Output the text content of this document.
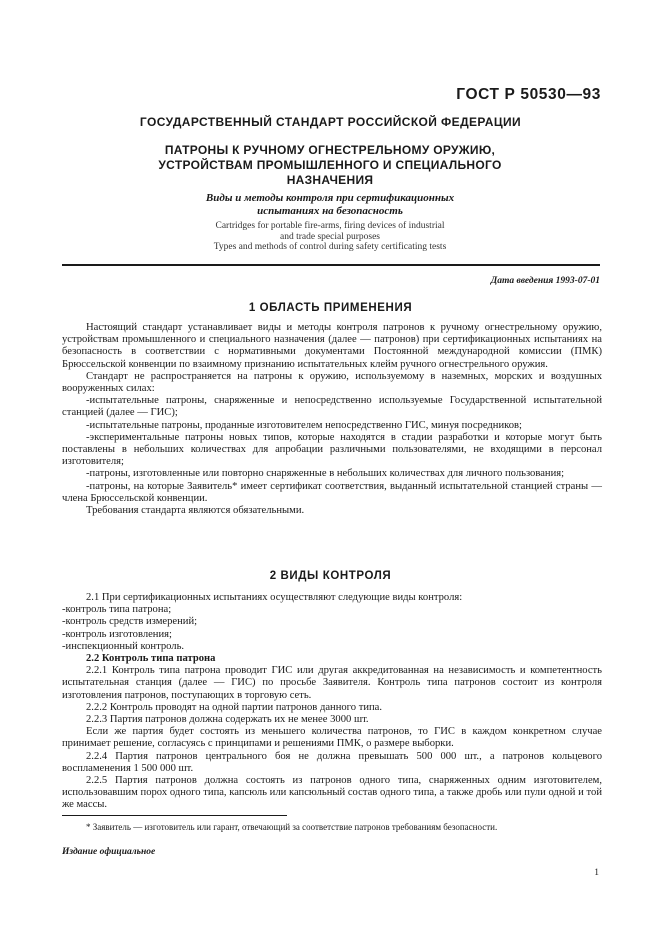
ГОСТ Р 50530—93
ГОСУДАРСТВЕННЫЙ СТАНДАРТ РОССИЙСКОЙ ФЕДЕРАЦИИ
ПАТРОНЫ К РУЧНОМУ ОГНЕСТРЕЛЬНОМУ ОРУЖИЮ,
УСТРОЙСТВАМ ПРОМЫШЛЕННОГО И СПЕЦИАЛЬНОГО
НАЗНАЧЕНИЯ
Виды и методы контроля при сертификационных
испытаниях на безопасность
Cartridges for portable fire-arms, firing devices of industrial
and trade special purposes
Types and methods of control during safety certificating tests
Дата введения 1993-07-01
1 ОБЛАСТЬ ПРИМЕНЕНИЯ

Настоящий стандарт устанавливает виды и методы контроля патронов к ручному огнестрельному оружию, устройствам промышленного и специального назначения (далее — патронов) при сертификационных испытаниях на безопасность в соответствии с нормативными документами Постоянной международной комиссии (ПМК) Брюссельской конвенции по взаимному признанию испытательных клейм ручного огнестрельного оружия.

Стандарт не распространяется на патроны к оружию, используемому в наземных, морских и воздушных вооруженных силах:

-испытательные патроны, снаряженные и непосредственно используемые Государственной испытательной станцией (далее — ГИС);

-испытательные патроны, проданные изготовителем непосредственно ГИС, минуя посредников;

-экспериментальные патроны новых типов, которые находятся в стадии разработки и которые могут быть поставлены в небольших количествах для апробации различными пользователями, не входящими в персонал изготовителя;

-патроны, изготовленные или повторно снаряженные в небольших количествах для личного пользования;

-патроны, на которые Заявитель* имеет сертификат соответствия, выданный испытательной станцией страны — члена Брюссельской конвенции.

Требования стандарта являются обязательными.

2 ВИДЫ КОНТРОЛЯ

2.1 При сертификационных испытаниях осуществляют следующие виды контроля:

-контроль типа патрона;

-контроль средств измерений;

-контроль изготовления;

-инспекционный контроль.

2.2 Контроль типа патрона

2.2.1 Контроль типа патрона проводит ГИС или другая аккредитованная на независимость и компетентность испытательная станция (далее — ГИС) по просьбе Заявителя. Контроль типа патронов состоит из контроля изготовления патронов, поступающих в торговую сеть.

2.2.2 Контроль проводят на одной партии патронов данного типа.

2.2.3 Партия патронов должна содержать их не менее 3000 шт.

Если же партия будет состоять из меньшего количества патронов, то ГИС в каждом конкретном случае принимает решение, согласуясь с принципами и решениями ПМК, о размере выборки.

2.2.4 Партия патронов центрального боя не должна превышать 500 000 шт., а патронов кольцевого воспламенения 1 500 000 шт.

2.2.5 Партия патронов должна состоять из патронов одного типа, снаряженных одним изготовителем, использовавшим порох одного типа, капсюль или капсюльный состав одного типа, а также дробь или пули одной и той же массы.

* Заявитель — изготовитель или гарант, отвечающий за соответствие патронов требованиям безопасности.
Издание официальное
1
